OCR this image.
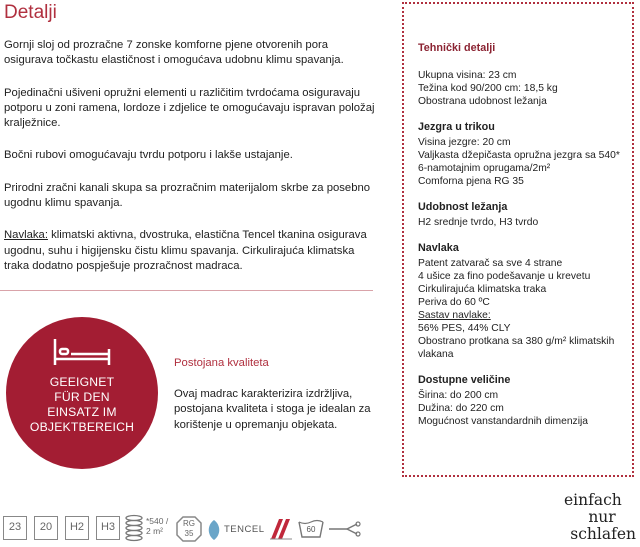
Detalji

Gornji sloj od prozračne 7 zonske komforne pjene otvorenih pora osigurava točkastu elastičnost i omogućava udobnu klimu spavanja.

Pojedinačni ušiveni opružni elementi u različitim tvrdoćama osiguravaju potporu u zoni ramena, lordoze i zdjelice te omogućavaju ispravan položaj kralježnice.

Bočni rubovi omogućavaju tvrdu potporu i lakše ustajanje.

Prirodni zračni kanali skupa sa prozračnim materijalom skrbe za posebno ugodnu klimu spavanja.

Navlaka: klimatski aktivna, dvostruka, elastična Tencel tkanina osigurava ugodnu, suhu i higijensku čistu klimu spavanja. Cirkulirajuća klimatska traka dodatno pospješuje prozračnost madraca.

GEEIGNET
FÜR DEN
EINSATZ IM
OBJEKTBEREICH
Postojana kvaliteta
Ovaj madrac karakterizira izdržljiva, postojana kvaliteta i stoga je idealan za korištenje u opremanju objekata.
Tehnički detalji
Ukupna visina: 23 cm
Težina kod 90/200 cm: 18,5 kg
Obostrana udobnost ležanja
Jezgra u trikou
Visina jezgre: 20 cm
Valjkasta džepičasta opružna jezgra sa 540* 6-namotajnim oprugama/2m²
Comforna pjena RG 35
Udobnost ležanja
H2 srednje tvrdo, H3 tvrdo
Navlaka
Patent zatvarač sa sve 4 strane
4 ušice za fino podešavanje u krevetu
Cirkulirajuća klimatska traka
Periva do 60 ºC
Sastav navlake:
56% PES, 44% CLY
Obostrano protkana sa 380 g/m² klimatskih vlakana
Dostupne veličine
Širina: do 200 cm
Dužina: do 220 cm
Mogućnost vanstandardnih dimenzija
23	20	H2	H3	*540 /
2 m²
RG 35	TENCEL	60
einfach
nur
schlafen
